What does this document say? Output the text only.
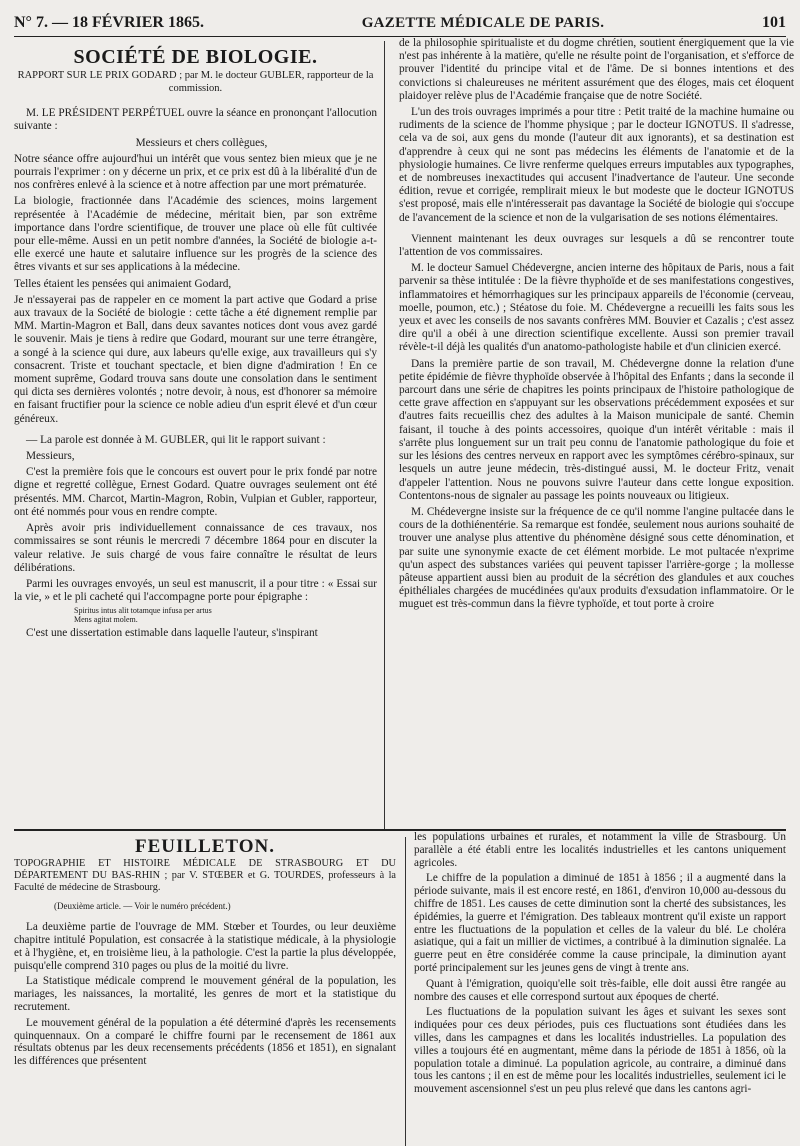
N° 7. — 18 FÉVRIER 1865.	GAZETTE MÉDICALE DE PARIS.	101
SOCIÉTÉ DE BIOLOGIE.
RAPPORT SUR LE PRIX GODARD ; par M. le docteur GUBLER, rapporteur de la commission.

M. LE PRÉSIDENT PERPÉTUEL ouvre la séance en prononçant l'allocution suivante :

Messieurs et chers collègues,

Notre séance offre aujourd'hui un intérêt que vous sentez bien mieux que je ne pourrais l'exprimer : on y décerne un prix, et ce prix est dû à la libéralité d'un de nos confrères enlevé à la science et à notre affection par une mort prématurée.

La biologie, fractionnée dans l'Académie des sciences, moins largement représentée à l'Académie de médecine, méritait bien, par son extrême importance dans l'ordre scientifique, de trouver une place où elle fût cultivée pour elle-même. Aussi en un petit nombre d'années, la Société de biologie a-t-elle exercé une haute et salutaire influence sur les progrès de la science des êtres vivants et sur ses applications à la médecine.

Telles étaient les pensées qui animaient Godard,

Je n'essayerai pas de rappeler en ce moment la part active que Godard a prise aux travaux de la Société de biologie : cette tâche a été dignement remplie par MM. Martin-Magron et Ball, dans deux savantes notices dont vous avez gardé le souvenir. Mais je tiens à redire que Godard, mourant sur une terre étrangère, a songé à la science qui dure, aux labeurs qu'elle exige, aux travailleurs qui s'y consacrent. Triste et touchant spectacle, et bien digne d'admiration ! En ce moment suprême, Godard trouva sans doute une consolation dans le sentiment qui dicta ses dernières volontés ; notre devoir, à nous, est d'honorer sa mémoire en faisant fructifier pour la science ce noble adieu d'un esprit élevé et d'un cœur généreux.

— La parole est donnée à M. GUBLER, qui lit le rapport suivant :

Messieurs,

C'est la première fois que le concours est ouvert pour le prix fondé par notre digne et regretté collègue, Ernest Godard. Quatre ouvrages seulement ont été présentés. MM. Charcot, Martin-Magron, Robin, Vulpian et Gubler, rapporteur, ont été nommés pour vous en rendre compte.

Après avoir pris individuellement connaissance de ces travaux, nos commissaires se sont réunis le mercredi 7 décembre 1864 pour en discuter la valeur relative. Je suis chargé de vous faire connaître le résultat de leurs délibérations.

Parmi les ouvrages envoyés, un seul est manuscrit, il a pour titre : « Essai sur la vie, » et le pli cacheté qui l'accompagne porte pour épigraphe :

Spiritus intus alit totamque infusa per artus
Mens agitat molem.

C'est une dissertation estimable dans laquelle l'auteur, s'inspirant

de la philosophie spiritualiste et du dogme chrétien, soutient énergiquement que la vie n'est pas inhérente à la matière, qu'elle ne résulte point de l'organisation, et s'efforce de prouver l'identité du principe vital et de l'âme. De si bonnes intentions et des convictions si chaleureuses ne méritent assurément que des éloges, mais cet éloquent plaidoyer relève plus de l'Académie française que de notre Société.

L'un des trois ouvrages imprimés a pour titre : Petit traité de la machine humaine ou rudiments de la science de l'homme physique ; par le docteur IGNOTUS. Il s'adresse, cela va de soi, aux gens du monde (l'auteur dit aux ignorants), et sa destination est d'apprendre à ceux qui ne sont pas médecins les éléments de l'anatomie et de la physiologie humaines. Ce livre renferme quelques erreurs imputables aux typographes, et de nombreuses inexactitudes qui accusent l'inadvertance de l'auteur. Une seconde édition, revue et corrigée, remplirait mieux le but modeste que le docteur IGNOTUS s'est proposé, mais elle n'intéresserait pas davantage la Société de biologie qui s'occupe de l'avancement de la science et non de la vulgarisation de ses notions élémentaires.

Viennent maintenant les deux ouvrages sur lesquels a dû se rencontrer toute l'attention de vos commissaires.

M. le docteur Samuel Chédevergne, ancien interne des hôpitaux de Paris, nous a fait parvenir sa thèse intitulée : De la fièvre thyphoïde et de ses manifestations congestives, inflammatoires et hémorrhagiques sur les principaux appareils de l'économie (cerveau, moelle, poumon, etc.) ; Stéatose du foie. M. Chédevergne a recueilli les faits sous les yeux et avec les conseils de nos savants confrères MM. Bouvier et Cazalis ; c'est assez dire qu'il a obéi à une direction scientifique excellente. Aussi son premier travail révèle-t-il déjà les qualités d'un anatomo-pathologiste habile et d'un clinicien exercé.

Dans la première partie de son travail, M. Chédevergne donne la relation d'une petite épidémie de fièvre thyphoïde observée à l'hôpital des Enfants ; dans la seconde il parcourt dans une série de chapitres les points principaux de l'histoire pathologique de cette grave affection en s'appuyant sur les observations précédemment exposées et sur d'autres faits recueillis chez des adultes à la Maison municipale de santé. Chemin faisant, il touche à des points accessoires, quoique d'un intérêt véritable : mais il s'arrête plus longuement sur un trait peu connu de l'anatomie pathologique du foie et sur les lésions des centres nerveux en rapport avec les symptômes cérébro-spinaux, sur lesquels un autre jeune médecin, très-distingué aussi, M. le docteur Fritz, venait d'appeler l'attention. Nous ne pouvons suivre l'auteur dans cette longue exposition. Contentons-nous de signaler au passage les points nouveaux ou litigieux.

M. Chédevergne insiste sur la fréquence de ce qu'il nomme l'angine pultacée dans le cours de la dothiénentérie. Sa remarque est fondée, seulement nous aurions souhaité de trouver une analyse plus attentive du phénomène désigné sous cette dénomination, et par suite une synonymie exacte de cet élément morbide. Le mot pultacée n'exprime qu'un aspect des substances variées qui peuvent tapisser l'arrière-gorge ; la mollesse pâteuse appartient aussi bien au produit de la sécrétion des glandules et aux couches épithéliales chargées de mucédinées qu'aux produits d'exsudation inflammatoire. Or le muguet est très-commun dans la fièvre typhoïde, et tout porte à croire

FEUILLETON.
TOPOGRAPHIE ET HISTOIRE MÉDICALE DE STRASBOURG ET DU DÉPARTEMENT DU BAS-RHIN ; par V. STŒBER et G. TOURDES, professeurs à la Faculté de médecine de Strasbourg.
(Deuxième article. — Voir le numéro précédent.)

La deuxième partie de l'ouvrage de MM. Stœber et Tourdes, ou leur deuxième chapitre intitulé Population, est consacrée à la statistique médicale, à la physiologie et à l'hygiène, et, en troisième lieu, à la pathologie. C'est la partie la plus développée, puisqu'elle comprend 310 pages ou plus de la moitié du livre.

La Statistique médicale comprend le mouvement général de la population, les mariages, les naissances, la mortalité, les genres de mort et la statistique du recrutement.

Le mouvement général de la population a été déterminé d'après les recensements quinquennaux. On a comparé le chiffre fourni par le recensement de 1861 aux résultats obtenus par les deux recensements précédents (1856 et 1851), en signalant les différences que présentent

les populations urbaines et rurales, et notamment la ville de Strasbourg. Un parallèle a été établi entre les localités industrielles et les cantons uniquement agricoles.

Le chiffre de la population a diminué de 1851 à 1856 ; il a augmenté dans la période suivante, mais il est encore resté, en 1861, d'environ 10,000 au-dessous du chiffre de 1851. Les causes de cette diminution sont la cherté des subsistances, les épidémies, la guerre et l'émigration. Des tableaux montrent qu'il existe un rapport entre les fluctuations de la population et celles de la valeur du blé. Le choléra asiatique, qui a fait un millier de victimes, a contribué à la diminution signalée. La guerre peut en être considérée comme la cause principale, la diminution ayant porté principalement sur les jeunes gens de vingt à trente ans.

Quant à l'émigration, quoiqu'elle soit très-faible, elle doit aussi être rangée au nombre des causes et elle correspond surtout aux époques de cherté.

Les fluctuations de la population suivant les âges et suivant les sexes sont indiquées pour ces deux périodes, puis ces fluctuations sont étudiées dans les villes, dans les campagnes et dans les localités industrielles. La population des villes a toujours été en augmentant, même dans la période de 1851 à 1856, où la population totale a diminué. La population agricole, au contraire, a diminué dans tous les cantons ; il en est de même pour les localités industrielles, seulement ici le mouvement ascensionnel s'est un peu plus relevé que dans les cantons agri-
